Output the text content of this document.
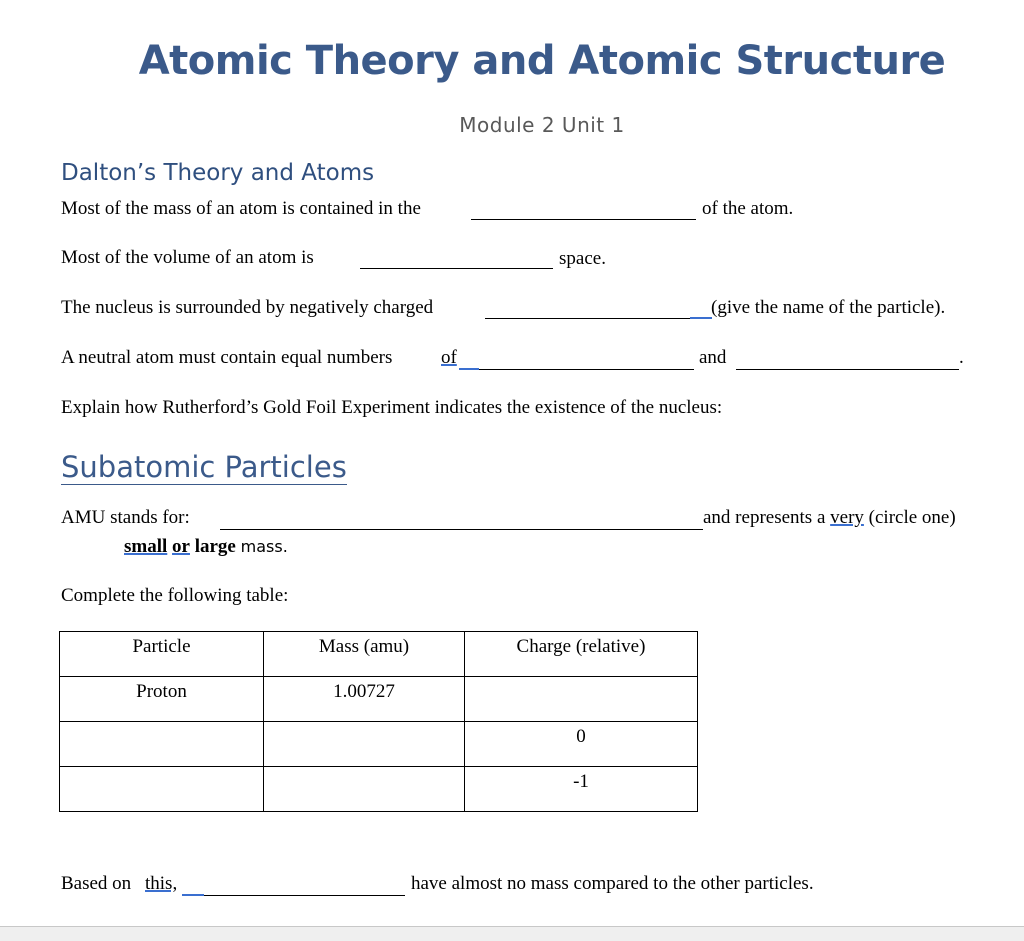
Atomic Theory and Atomic Structure
Module 2 Unit 1
Dalton’s Theory and Atoms
Most of the mass of an atom is contained in the	of the atom.
Most of the volume of an atom is	space.
The nucleus is surrounded by negatively charged	(give the name of the particle).
A neutral atom must contain equal numbers	of	and	.
Explain how Rutherford’s Gold Foil Experiment indicates the existence of the nucleus:
Subatomic Particles
AMU stands for:	and represents a very (circle one)
small or large mass.
Complete the following table:
Particle	Mass (amu)	Charge (relative)
Proton	1.00727	
		0
		-1
Based on this,	have almost no mass compared to the other particles.
